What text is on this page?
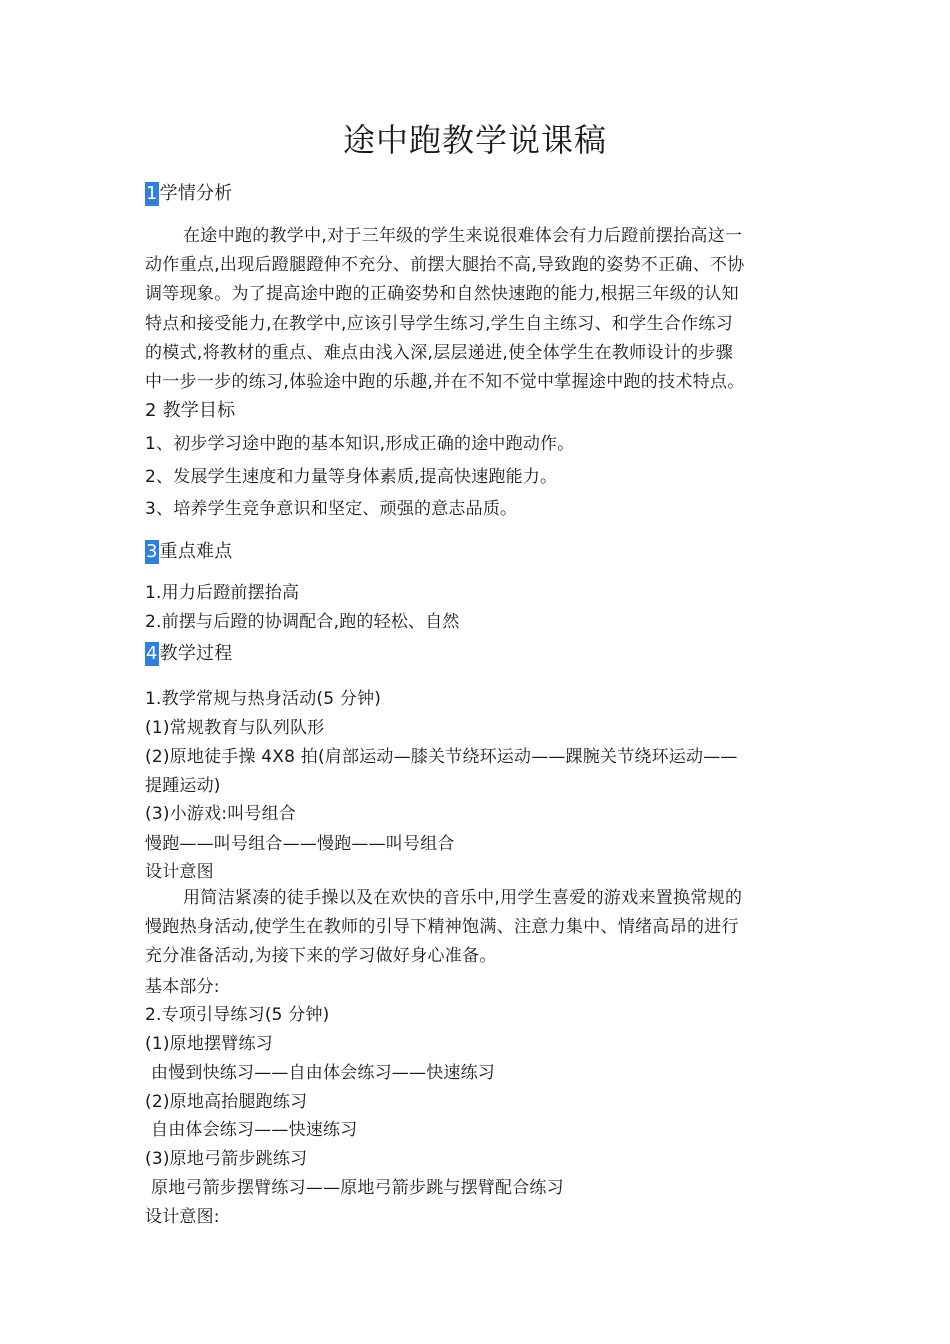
途中跑教学说课稿
1 学情分析
在途中跑的教学中,对于三年级的学生来说很难体会有力后蹬前摆抬高这一
动作重点,出现后蹬腿蹬伸不充分、前摆大腿抬不高,导致跑的姿势不正确、不协
调等现象。为了提高途中跑的正确姿势和自然快速跑的能力,根据三年级的认知
特点和接受能力,在教学中,应该引导学生练习,学生自主练习、和学生合作练习
的模式,将教材的重点、难点由浅入深,层层递进,使全体学生在教师设计的步骤
中一步一步的练习,体验途中跑的乐趣,并在不知不觉中掌握途中跑的技术特点。
2 教学目标
1、初步学习途中跑的基本知识,形成正确的途中跑动作。
2、发展学生速度和力量等身体素质,提高快速跑能力。
3、培养学生竞争意识和坚定、顽强的意志品质。
3 重点难点
1.用力后蹬前摆抬高
2.前摆与后蹬的协调配合,跑的轻松、自然
4 教学过程
1.教学常规与热身活动(5 分钟)
(1)常规教育与队列队形
(2)原地徒手操 4X8 拍(肩部运动—膝关节绕环运动——踝腕关节绕环运动——
提踵运动)
(3)小游戏:叫号组合
慢跑——叫号组合——慢跑——叫号组合
设计意图
用简洁紧凑的徒手操以及在欢快的音乐中,用学生喜爱的游戏来置换常规的
慢跑热身活动,使学生在教师的引导下精神饱满、注意力集中、情绪高昂的进行
充分准备活动,为接下来的学习做好身心准备。
基本部分:
2.专项引导练习(5 分钟)
(1)原地摆臂练习
由慢到快练习——自由体会练习——快速练习
(2)原地高抬腿跑练习
自由体会练习——快速练习
(3)原地弓箭步跳练习
原地弓箭步摆臂练习——原地弓箭步跳与摆臂配合练习
设计意图:
